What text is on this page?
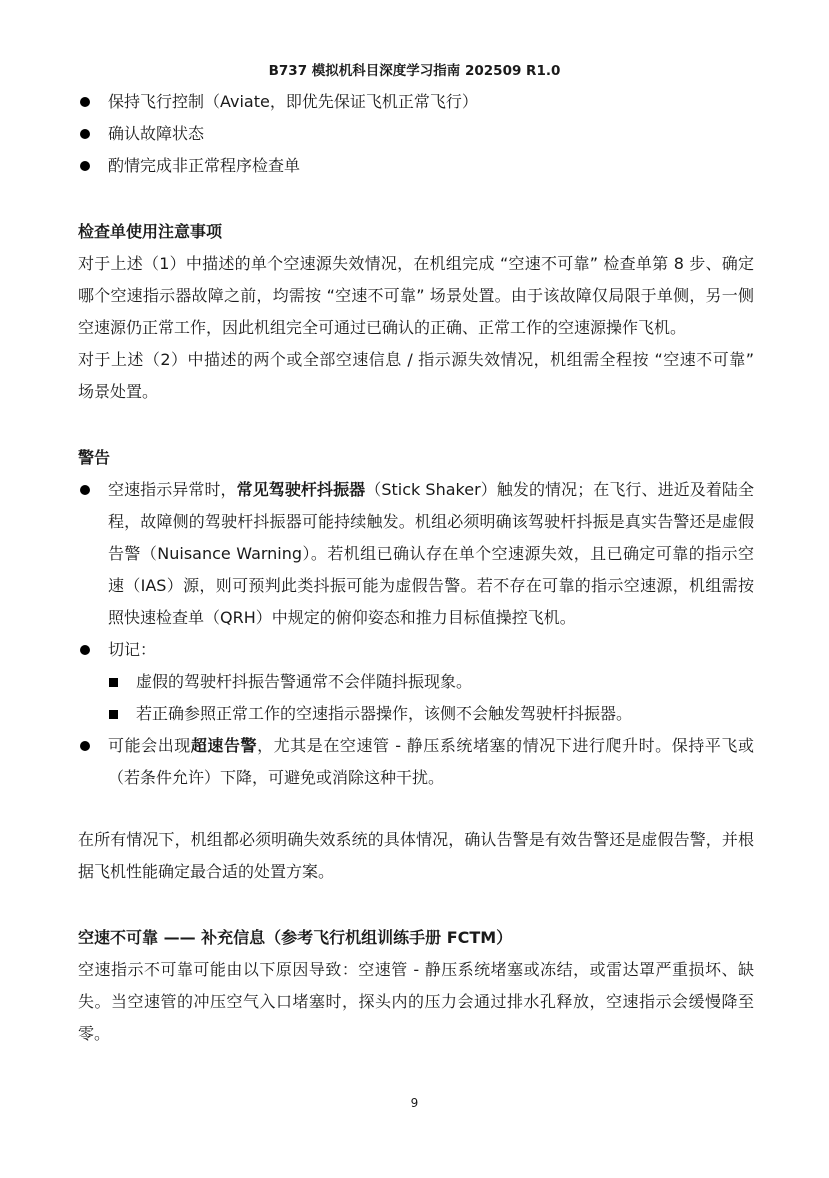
B737 模拟机科目深度学习指南 202509 R1.0
保持飞行控制（Aviate，即优先保证飞机正常飞行）
确认故障状态
酌情完成非正常程序检查单
检查单使用注意事项
对于上述（1）中描述的单个空速源失效情况，在机组完成 “空速不可靠” 检查单第 8 步、确定哪个空速指示器故障之前，均需按 “空速不可靠” 场景处置。由于该故障仅局限于单侧，另一侧空速源仍正常工作，因此机组完全可通过已确认的正确、正常工作的空速源操作飞机。
对于上述（2）中描述的两个或全部空速信息 / 指示源失效情况，机组需全程按 “空速不可靠” 场景处置。
警告
空速指示异常时，常见驾驶杆抖振器（Stick Shaker）触发的情况；在飞行、进近及着陆全程，故障侧的驾驶杆抖振器可能持续触发。机组必须明确该驾驶杆抖振是真实告警还是虚假告警（Nuisance Warning）。若机组已确认存在单个空速源失效，且已确定可靠的指示空速（IAS）源，则可预判此类抖振可能为虚假告警。若不存在可靠的指示空速源，机组需按照快速检查单（QRH）中规定的俯仰姿态和推力目标值操控飞机。
切记：
虚假的驾驶杆抖振告警通常不会伴随抖振现象。
若正确参照正常工作的空速指示器操作，该侧不会触发驾驶杆抖振器。
可能会出现超速告警，尤其是在空速管 - 静压系统堵塞的情况下进行爬升时。保持平飞或（若条件允许）下降，可避免或消除这种干扰。
在所有情况下，机组都必须明确失效系统的具体情况，确认告警是有效告警还是虚假告警，并根据飞机性能确定最合适的处置方案。
空速不可靠 —— 补充信息（参考飞行机组训练手册 FCTM）
空速指示不可靠可能由以下原因导致：空速管 - 静压系统堵塞或冻结，或雷达罩严重损坏、缺失。当空速管的冲压空气入口堵塞时，探头内的压力会通过排水孔释放，空速指示会缓慢降至零。
9
